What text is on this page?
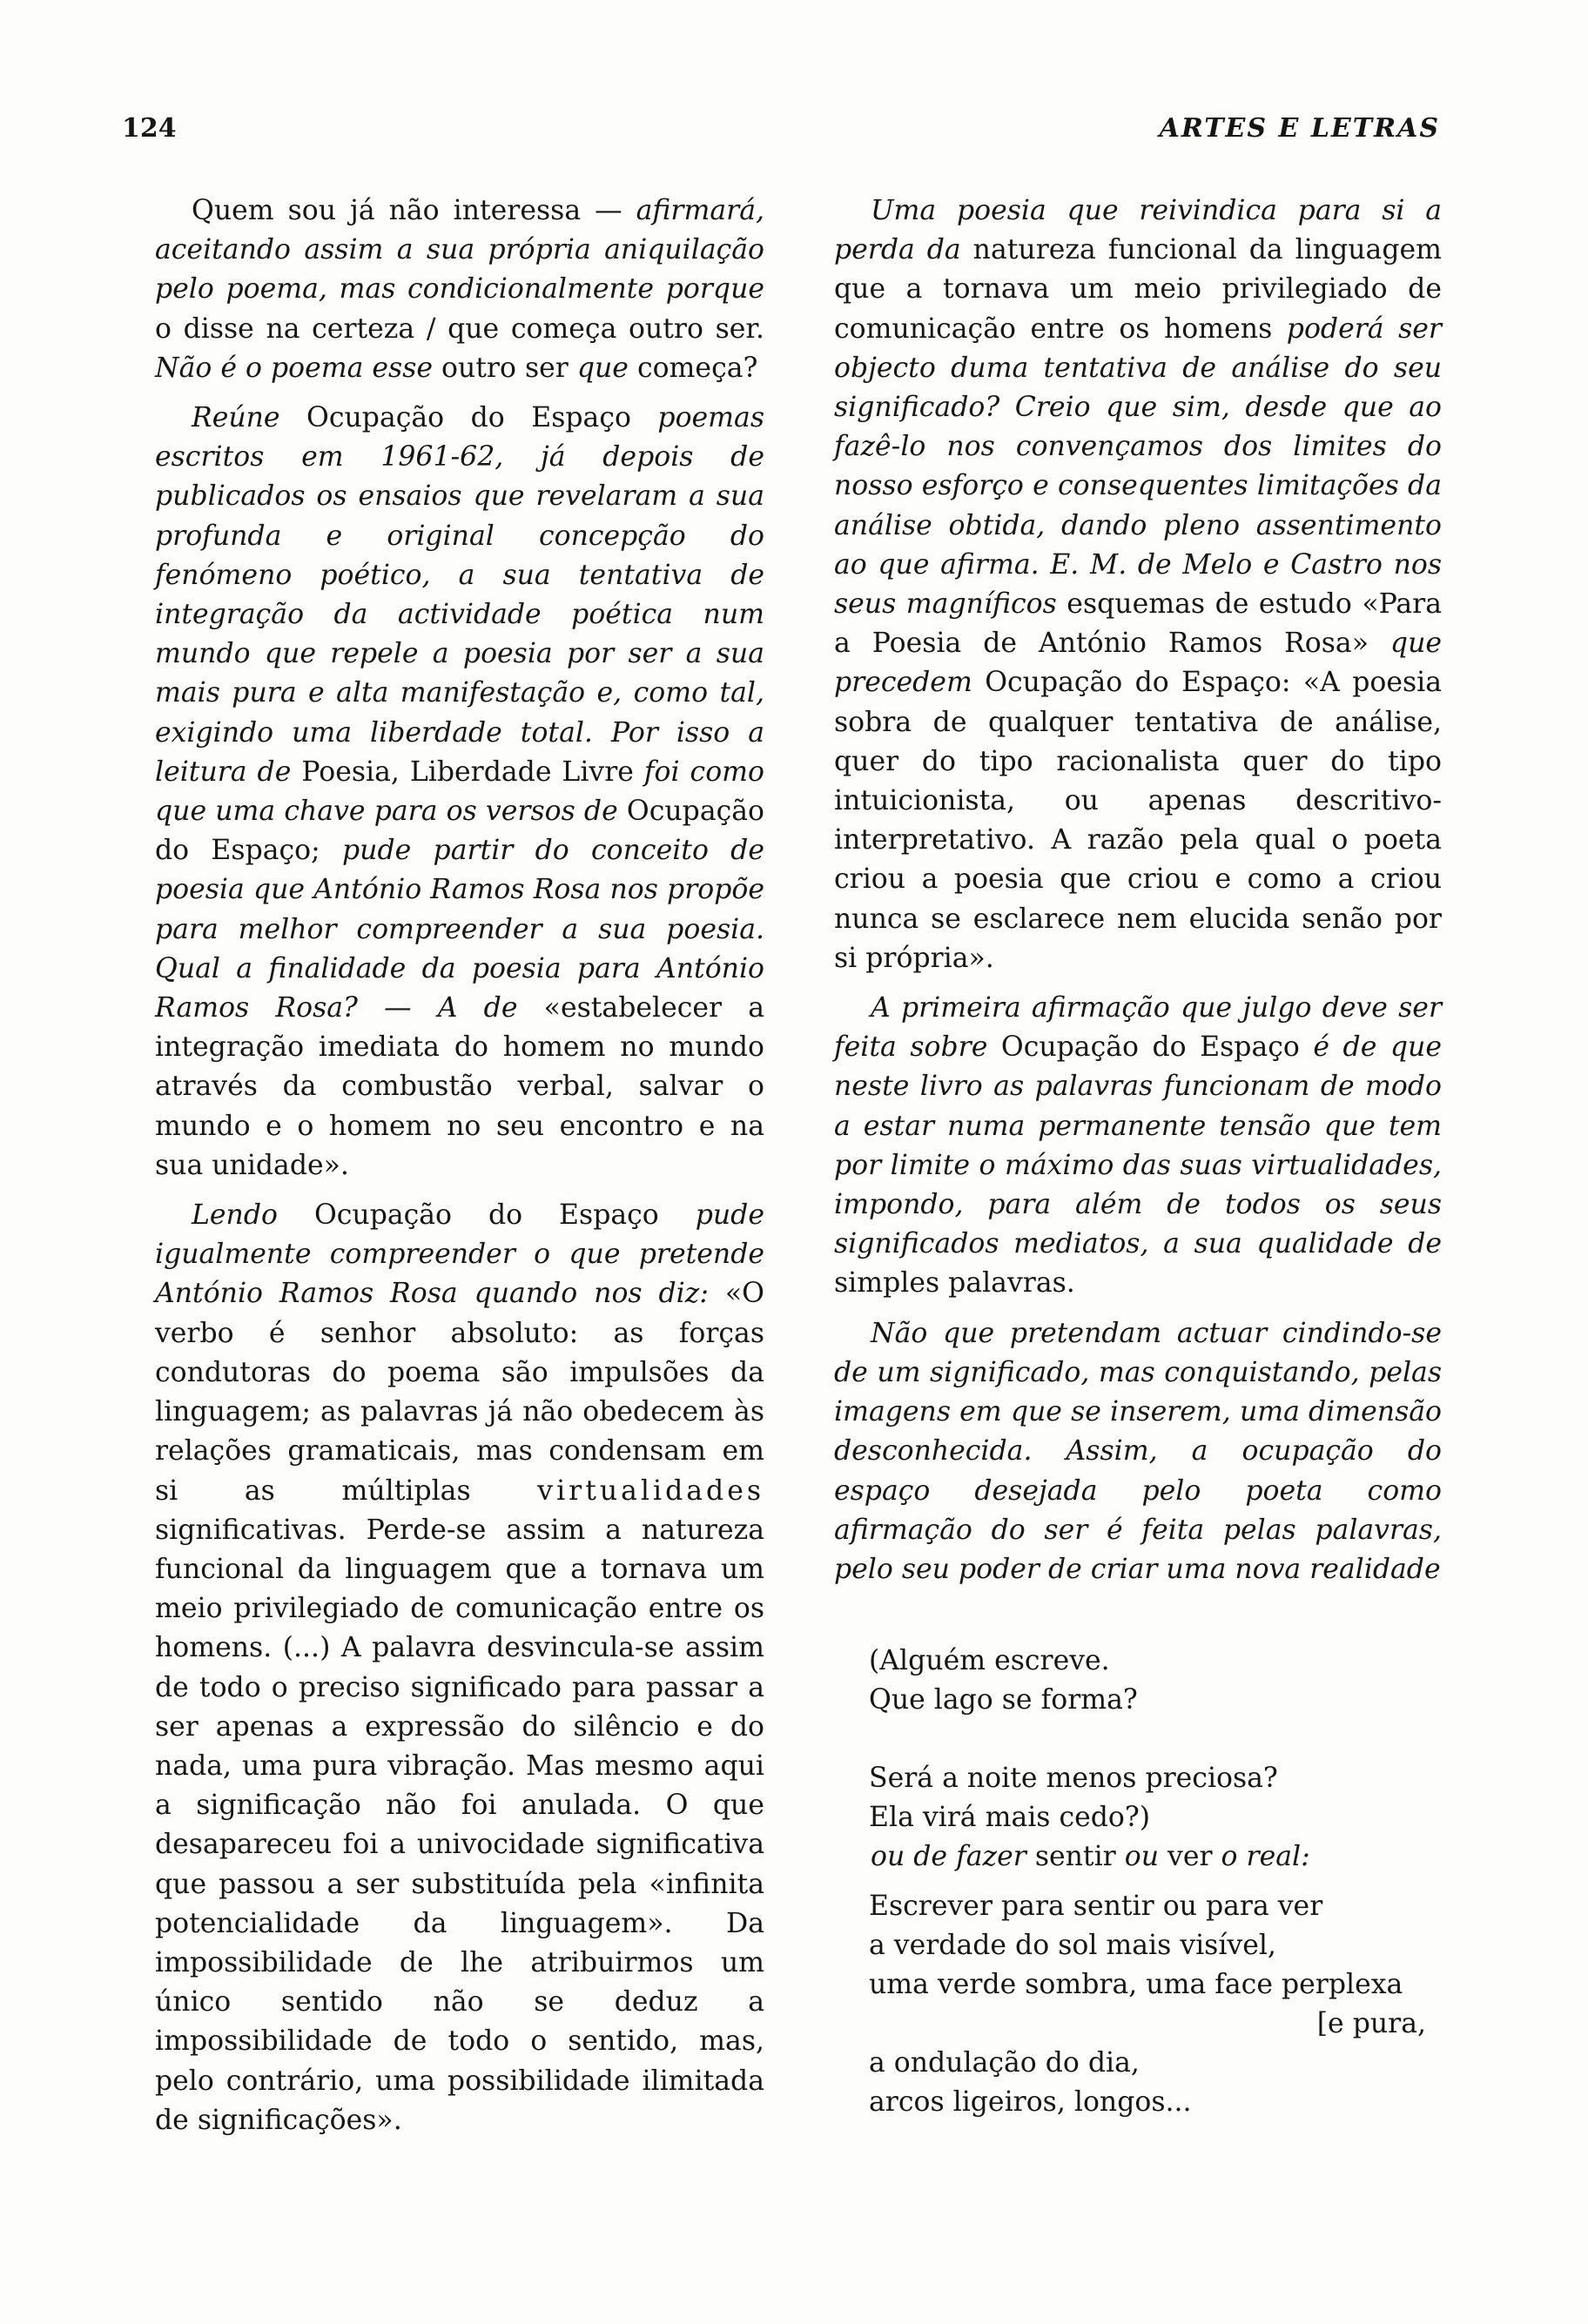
124	ARTES E LETRAS

Quem sou já não interessa — afirmará, aceitando assim a sua própria aniquilação pelo poema, mas condicionalmente porque o disse na certeza / que começa outro ser. Não é o poema esse outro ser que começa?

Reúne Ocupação do Espaço poemas escritos em 1961-62, já depois de publicados os ensaios que revelaram a sua profunda e original concepção do fenómeno poético, a sua tentativa de integração da actividade poética num mundo que repele a poesia por ser a sua mais pura e alta manifestação e, como tal, exigindo uma liberdade total. Por isso a leitura de Poesia, Liberdade Livre foi como que uma chave para os versos de Ocupação do Espaço; pude partir do conceito de poesia que António Ramos Rosa nos propõe para melhor compreender a sua poesia. Qual a finalidade da poesia para António Ramos Rosa? — A de «estabelecer a integração imediata do homem no mundo através da combustão verbal, salvar o mundo e o homem no seu encontro e na sua unidade».

Lendo Ocupação do Espaço pude igualmente compreender o que pretende António Ramos Rosa quando nos diz: «O verbo é senhor absoluto: as forças condutoras do poema são impulsões da linguagem; as palavras já não obedecem às relações gramaticais, mas condensam em si as múltiplas virtualidades significativas. Perde-se assim a natureza funcional da linguagem que a tornava um meio privilegiado de comunicação entre os homens. (...) A palavra desvincula-se assim de todo o preciso significado para passar a ser apenas a expressão do silêncio e do nada, uma pura vibração. Mas mesmo aqui a significação não foi anulada. O que desapareceu foi a univocidade significativa que passou a ser substituída pela «infinita potencialidade da linguagem». Da impossibilidade de lhe atribuirmos um único sentido não se deduz a impossibilidade de todo o sentido, mas, pelo contrário, uma possibilidade ilimitada de significações».

Uma poesia que reivindica para si a perda da natureza funcional da linguagem que a tornava um meio privilegiado de comunicação entre os homens poderá ser objecto duma tentativa de análise do seu significado? Creio que sim, desde que ao fazê-lo nos convençamos dos limites do nosso esforço e consequentes limitações da análise obtida, dando pleno assentimento ao que afirma. E. M. de Melo e Castro nos seus magníficos esquemas de estudo «Para a Poesia de António Ramos Rosa» que precedem Ocupação do Espaço: «A poesia sobra de qualquer tentativa de análise, quer do tipo racionalista quer do tipo intuicionista, ou apenas descritivo-interpretativo. A razão pela qual o poeta criou a poesia que criou e como a criou nunca se esclarece nem elucida senão por si própria».

A primeira afirmação que julgo deve ser feita sobre Ocupação do Espaço é de que neste livro as palavras funcionam de modo a estar numa permanente tensão que tem por limite o máximo das suas virtualidades, impondo, para além de todos os seus significados mediatos, a sua qualidade de simples palavras.

Não que pretendam actuar cindindo-se de um significado, mas conquistando, pelas imagens em que se inserem, uma dimensão desconhecida. Assim, a ocupação do espaço desejada pelo poeta como afirmação do ser é feita pelas palavras, pelo seu poder de criar uma nova realidade

(Alguém escreve.
Que lago se forma?
Será a noite menos preciosa?
Ela virá mais cedo?)

ou de fazer sentir ou ver o real:

Escrever para sentir ou para ver
a verdade do sol mais visível,
uma verde sombra, uma face perplexa
[e pura,
a ondulação do dia,
arcos ligeiros, longos...
